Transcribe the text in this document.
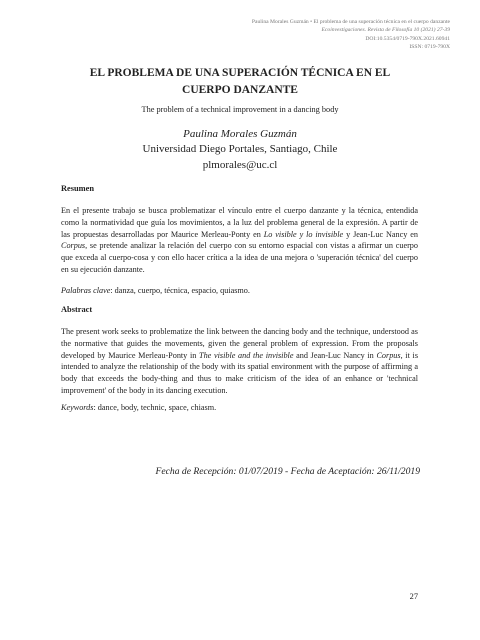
Paulina Morales Guzmán • El problema de una superación técnica en el cuerpo danzante
Ecoinvestigaciones. Revista de Filosofía 10 (2021) 27-39
DOI:10.5354/0719-790X.2021.60941
ISSN: 0719-790X
EL PROBLEMA DE UNA SUPERACIÓN TÉCNICA EN EL CUERPO DANZANTE
The problem of a technical improvement in a dancing body
Paulina Morales Guzmán
Universidad Diego Portales, Santiago, Chile
plmorales@uc.cl
Resumen
En el presente trabajo se busca problematizar el vínculo entre el cuerpo danzante y la técnica, entendida como la normatividad que guía los movimientos, a la luz del problema general de la expresión. A partir de las propuestas desarrolladas por Maurice Merleau-Ponty en Lo visible y lo invisible y Jean-Luc Nancy en Corpus, se pretende analizar la relación del cuerpo con su entorno espacial con vistas a afirmar un cuerpo que exceda al cuerpo-cosa y con ello hacer crítica a la idea de una mejora o 'superación técnica' del cuerpo en su ejecución danzante.
Palabras clave: danza, cuerpo, técnica, espacio, quiasmo.
Abstract
The present work seeks to problematize the link between the dancing body and the technique, understood as the normative that guides the movements, given the general problem of expression. From the proposals developed by Maurice Merleau-Ponty in The visible and the invisible and Jean-Luc Nancy in Corpus, it is intended to analyze the relationship of the body with its spatial environment with the purpose of affirming a body that exceeds the body-thing and thus to make criticism of the idea of an enhance or 'technical improvement' of the body in its dancing execution.
Keywords: dance, body, technic, space, chiasm.
Fecha de Recepción: 01/07/2019 - Fecha de Aceptación: 26/11/2019
27
